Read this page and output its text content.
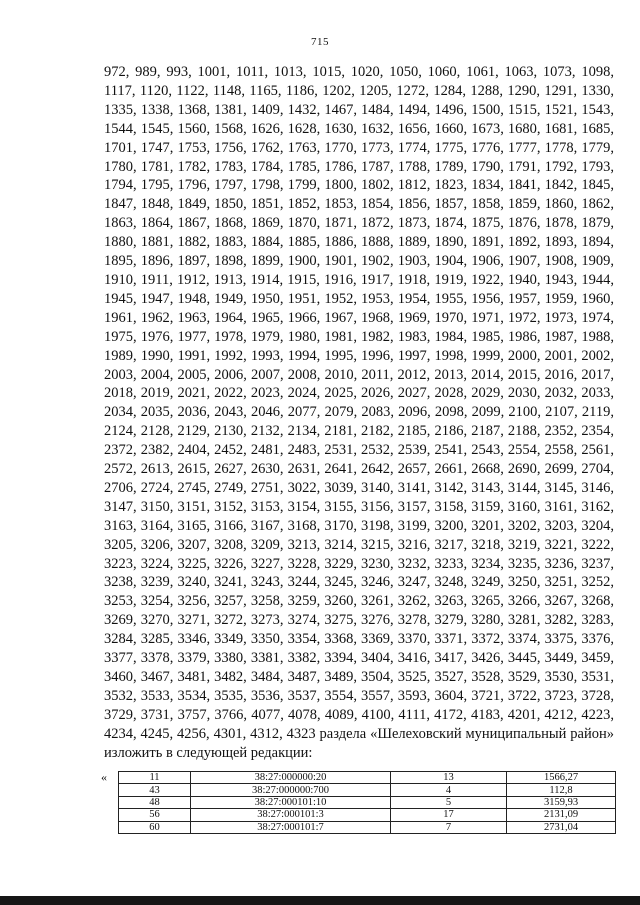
715

972, 989, 993, 1001, 1011, 1013, 1015, 1020, 1050, 1060, 1061, 1063, 1073, 1098, 1117, 1120, 1122, 1148, 1165, 1186, 1202, 1205, 1272, 1284, 1288, 1290, 1291, 1330, 1335, 1338, 1368, 1381, 1409, 1432, 1467, 1484, 1494, 1496, 1500, 1515, 1521, 1543, 1544, 1545, 1560, 1568, 1626, 1628, 1630, 1632, 1656, 1660, 1673, 1680, 1681, 1685, 1701, 1747, 1753, 1756, 1762, 1763, 1770, 1773, 1774, 1775, 1776, 1777, 1778, 1779, 1780, 1781, 1782, 1783, 1784, 1785, 1786, 1787, 1788, 1789, 1790, 1791, 1792, 1793, 1794, 1795, 1796, 1797, 1798, 1799, 1800, 1802, 1812, 1823, 1834, 1841, 1842, 1845, 1847, 1848, 1849, 1850, 1851, 1852, 1853, 1854, 1856, 1857, 1858, 1859, 1860, 1862, 1863, 1864, 1867, 1868, 1869, 1870, 1871, 1872, 1873, 1874, 1875, 1876, 1878, 1879, 1880, 1881, 1882, 1883, 1884, 1885, 1886, 1888, 1889, 1890, 1891, 1892, 1893, 1894, 1895, 1896, 1897, 1898, 1899, 1900, 1901, 1902, 1903, 1904, 1906, 1907, 1908, 1909, 1910, 1911, 1912, 1913, 1914, 1915, 1916, 1917, 1918, 1919, 1922, 1940, 1943, 1944, 1945, 1947, 1948, 1949, 1950, 1951, 1952, 1953, 1954, 1955, 1956, 1957, 1959, 1960, 1961, 1962, 1963, 1964, 1965, 1966, 1967, 1968, 1969, 1970, 1971, 1972, 1973, 1974, 1975, 1976, 1977, 1978, 1979, 1980, 1981, 1982, 1983, 1984, 1985, 1986, 1987, 1988, 1989, 1990, 1991, 1992, 1993, 1994, 1995, 1996, 1997, 1998, 1999, 2000, 2001, 2002, 2003, 2004, 2005, 2006, 2007, 2008, 2010, 2011, 2012, 2013, 2014, 2015, 2016, 2017, 2018, 2019, 2021, 2022, 2023, 2024, 2025, 2026, 2027, 2028, 2029, 2030, 2032, 2033, 2034, 2035, 2036, 2043, 2046, 2077, 2079, 2083, 2096, 2098, 2099, 2100, 2107, 2119, 2124, 2128, 2129, 2130, 2132, 2134, 2181, 2182, 2185, 2186, 2187, 2188, 2352, 2354, 2372, 2382, 2404, 2452, 2481, 2483, 2531, 2532, 2539, 2541, 2543, 2554, 2558, 2561, 2572, 2613, 2615, 2627, 2630, 2631, 2641, 2642, 2657, 2661, 2668, 2690, 2699, 2704, 2706, 2724, 2745, 2749, 2751, 3022, 3039, 3140, 3141, 3142, 3143, 3144, 3145, 3146, 3147, 3150, 3151, 3152, 3153, 3154, 3155, 3156, 3157, 3158, 3159, 3160, 3161, 3162, 3163, 3164, 3165, 3166, 3167, 3168, 3170, 3198, 3199, 3200, 3201, 3202, 3203, 3204, 3205, 3206, 3207, 3208, 3209, 3213, 3214, 3215, 3216, 3217, 3218, 3219, 3221, 3222, 3223, 3224, 3225, 3226, 3227, 3228, 3229, 3230, 3232, 3233, 3234, 3235, 3236, 3237, 3238, 3239, 3240, 3241, 3243, 3244, 3245, 3246, 3247, 3248, 3249, 3250, 3251, 3252, 3253, 3254, 3256, 3257, 3258, 3259, 3260, 3261, 3262, 3263, 3265, 3266, 3267, 3268, 3269, 3270, 3271, 3272, 3273, 3274, 3275, 3276, 3278, 3279, 3280, 3281, 3282, 3283, 3284, 3285, 3346, 3349, 3350, 3354, 3368, 3369, 3370, 3371, 3372, 3374, 3375, 3376, 3377, 3378, 3379, 3380, 3381, 3382, 3394, 3404, 3416, 3417, 3426, 3445, 3449, 3459, 3460, 3467, 3481, 3482, 3484, 3487, 3489, 3504, 3525, 3527, 3528, 3529, 3530, 3531, 3532, 3533, 3534, 3535, 3536, 3537, 3554, 3557, 3593, 3604, 3721, 3722, 3723, 3728, 3729, 3731, 3757, 3766, 4077, 4078, 4089, 4100, 4111, 4172, 4183, 4201, 4212, 4223, 4234, 4245, 4256, 4301, 4312, 4323 раздела «Шелеховский муниципальный район» изложить в следующей редакции:

«	11	38:27:000000:20	13	1566,27
43	38:27:000000:700	4	112,8
48	38:27:000101:10	5	3159,93
56	38:27:000101:3	17	2131,09
60	38:27:000101:7	7	2731,04
